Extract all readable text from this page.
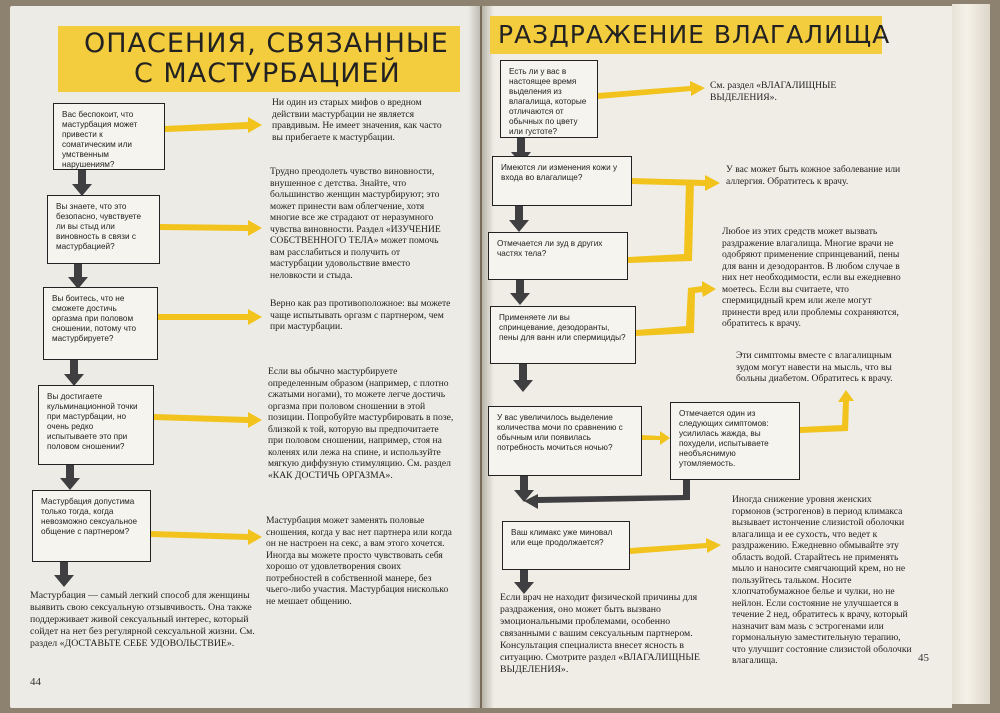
ОПАСЕНИЯ, СВЯЗАННЫЕ
С МАСТУРБАЦИЕЙ
РАЗДРАЖЕНИЕ ВЛАГАЛИЩА
Вас беспокоит, что мастурбация может привести к соматическим или умственным нарушениям?
Вы знаете, что это безопасно, чувствуете ли вы стыд или виновность в связи с мастурбацией?
Вы боитесь, что не сможете достичь оргазма при половом сношении, потому что мастурбируете?
Вы достигаете кульминационной точки при мастурбации, но очень редко испытываете это при половом сношении?
Мастурбация допустима только тогда, когда невозможно сексуальное общение с партнером?
Ни один из старых мифов о вредном действии мастурбации не является правдивым. Не имеет значения, как часто вы прибегаете к мастурбации.
Трудно преодолеть чувство виновности, внушенное с детства. Знайте, что большинство женщин мастурбируют; это может принести вам облегчение, хотя многие все же страдают от неразумного чувства виновности. Раздел «ИЗУЧЕНИЕ СОБСТВЕННОГО ТЕЛА» может помочь вам расслабиться и получить от мастурбации удовольствие вместо неловкости и стыда.
Верно как раз противоположное: вы можете чаще испытывать оргазм с партнером, чем при мастурбации.
Если вы обычно мастурбируете определенным образом (например, с плотно сжатыми ногами), то можете легче достичь оргазма при половом сношении в этой позиции. Попробуйте мастурбировать в позе, близкой к той, которую вы предпочитаете при половом сношении, например, стоя на коленях или лежа на спине, и используйте мягкую диффузную стимуляцию. См. раздел «КАК ДОСТИЧЬ ОРГАЗМА».
Мастурбация может заменять половые сношения, когда у вас нет партнера или когда он не настроен на секс, а вам этого хочется. Иногда вы можете просто чувствовать себя хорошо от удовлетворения своих потребностей в собственной манере, без чьего-либо участия. Мастурбация нисколько не мешает общению.
Мастурбация — самый легкий способ для женщины выявить свою сексуальную отзывчивость. Она также поддерживает живой сексуальный интерес, который сойдет на нет без регулярной сексуальной жизни. См. раздел «ДОСТАВЬТЕ СЕБЕ УДОВОЛЬСТВИЕ».
44
Есть ли у вас в настоящее время выделения из влагалища, которые отличаются от обычных по цвету или густоте?
Имеются ли изменения кожи у входа во влагалище?
Отмечается ли зуд в других частях тела?
Применяете ли вы спринцевание, дезодоранты, пены для ванн или спермициды?
У вас увеличилось выделение количества мочи по сравнению с обычным или появилась потребность мочиться ночью?
Отмечается один из следующих симптомов: усилилась жажда, вы похудели, испытываете необъяснимую утомляемость.
Ваш климакс уже миновал или еще продолжается?
См. раздел «ВЛАГАЛИЩНЫЕ ВЫДЕЛЕНИЯ».
У вас может быть кожное заболевание или аллергия. Обратитесь к врачу.
Любое из этих средств может вызвать раздражение влагалища. Многие врачи не одобряют применение спринцеваний, пены для ванн и дезодорантов. В любом случае в них нет необходимости, если вы ежедневно моетесь. Если вы считаете, что спермицидный крем или желе могут принести вред или проблемы сохраняются, обратитесь к врачу.
Эти симптомы вместе с влагалищным зудом могут навести на мысль, что вы больны диабетом. Обратитесь к врачу.
Иногда снижение уровня женских гормонов (эстрогенов) в период климакса вызывает истончение слизистой оболочки влагалища и ее сухость, что ведет к раздражению. Ежедневно обмывайте эту область водой. Старайтесь не применять мыло и наносите смягчающий крем, но не пользуйтесь тальком. Носите хлопчатобумажное белье и чулки, но не нейлон. Если состояние не улучшается в течение 2 нед, обратитесь к врачу, который назначит вам мазь с эстрогенами или гормональную заместительную терапию, что улучшит состояние слизистой оболочки влагалища.
Если врач не находит физической причины для раздражения, оно может быть вызвано эмоциональными проблемами, особенно связанными с вашим сексуальным партнером. Консультация специалиста внесет ясность в ситуацию. Смотрите раздел «ВЛАГАЛИЩНЫЕ ВЫДЕЛЕНИЯ».
45
